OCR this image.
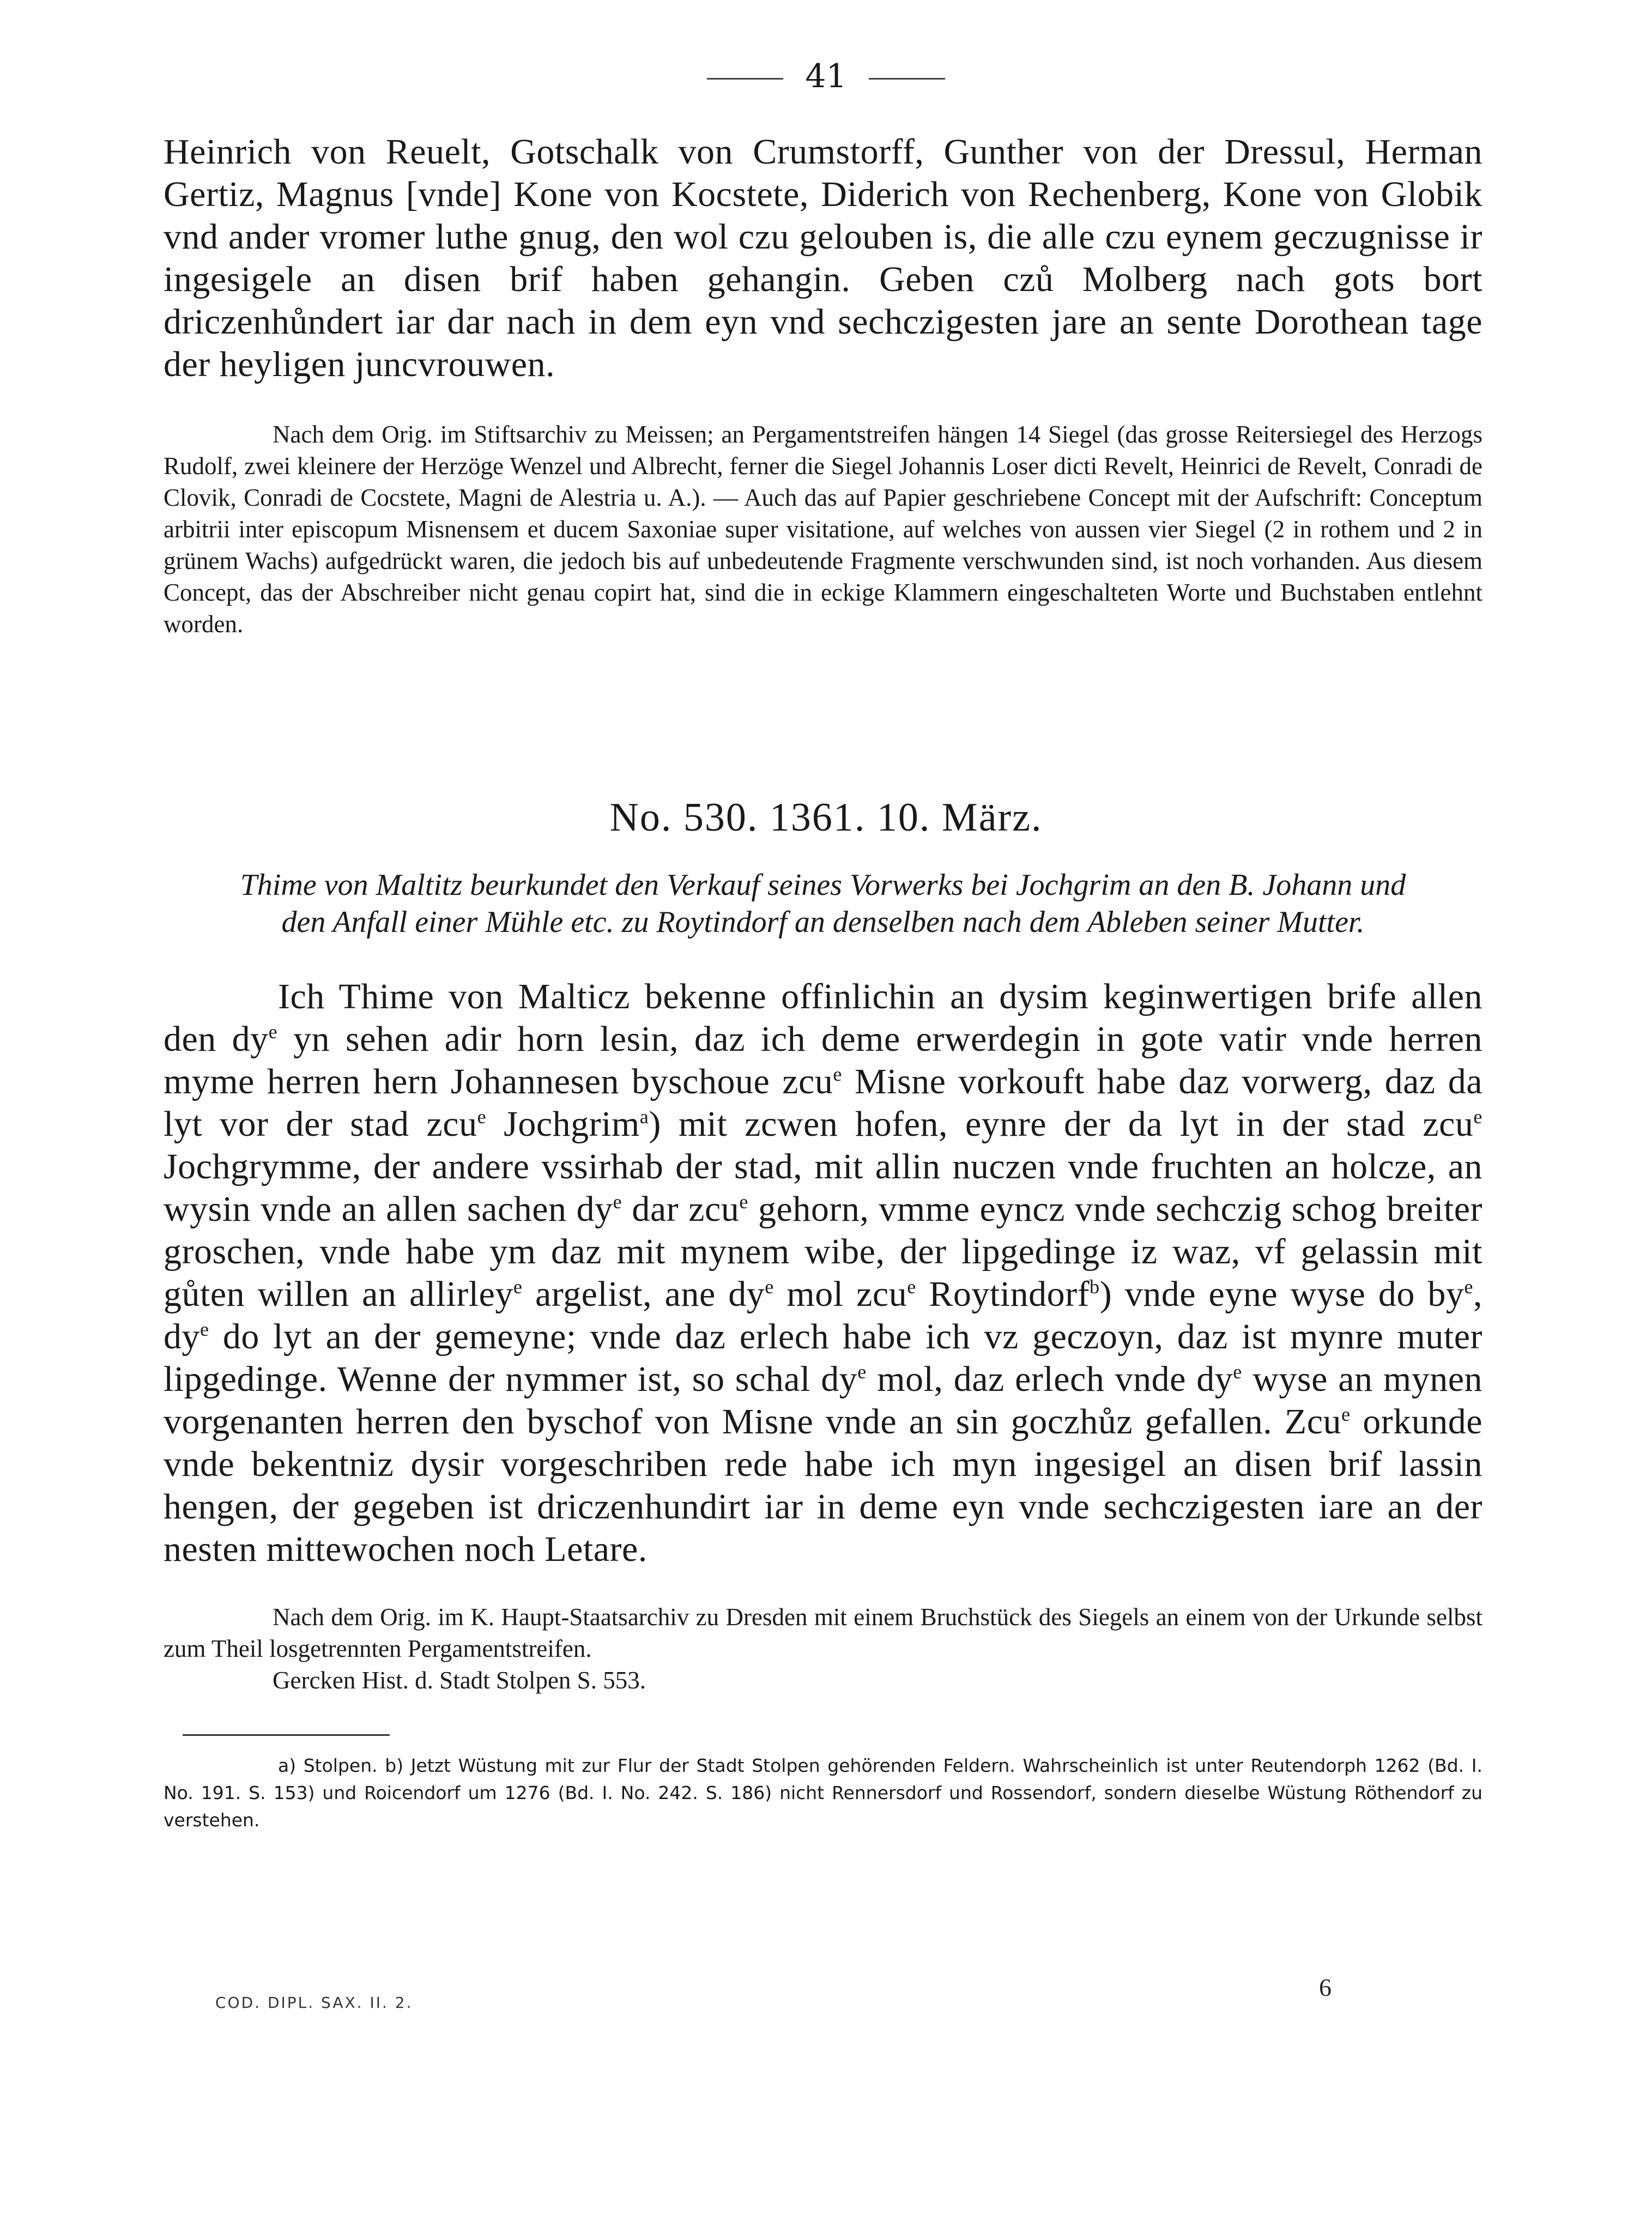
41

Heinrich von Reuelt, Gotschalk von Crumstorff, Gunther von der Dressul, Herman Gertiz, Magnus [vnde] Kone von Kocstete, Diderich von Rechenberg, Kone von Globik vnd ander vromer luthe gnug, den wol czu gelouben is, die alle czu eynem geczugnisse ir ingesigele an disen brif haben gehangin. Geben czů Molberg nach gots bort driczenhůndert iar dar nach in dem eyn vnd sechczigesten jare an sente Dorothean tage der heyligen juncvrouwen.

Nach dem Orig. im Stiftsarchiv zu Meissen; an Pergamentstreifen hängen 14 Siegel (das grosse Reitersiegel des Herzogs Rudolf, zwei kleinere der Herzöge Wenzel und Albrecht, ferner die Siegel Johannis Loser dicti Revelt, Heinrici de Revelt, Conradi de Clovik, Conradi de Cocstete, Magni de Alestria u. A.). — Auch das auf Papier geschriebene Concept mit der Aufschrift: Conceptum arbitrii inter episcopum Misnensem et ducem Saxoniae super visitatione, auf welches von aussen vier Siegel (2 in rothem und 2 in grünem Wachs) aufgedrückt waren, die jedoch bis auf unbedeutende Fragmente verschwunden sind, ist noch vorhanden. Aus diesem Concept, das der Abschreiber nicht genau copirt hat, sind die in eckige Klammern eingeschalteten Worte und Buchstaben entlehnt worden.

No. 530. 1361. 10. März.
Thime von Maltitz beurkundet den Verkauf seines Vorwerks bei Jochgrim an den B. Johann und
den Anfall einer Mühle etc. zu Roytindorf an denselben nach dem Ableben seiner Mutter.

Ich Thime von Malticz bekenne offinlichin an dysim keginwertigen brife allen den $dy^e$ yn sehen adir horn lesin, daz ich deme erwerdegin in gote vatir vnde herren myme herren hern Johannesen byschoue zcu$^e$ Misne vorkouft habe daz vorwerg, daz da lyt vor der stad zcu$^e$ Jochgrim$^a$) mit zcwen hofen, eynre der da lyt in der stad zcu$^e$ Jochgrymme, der andere vssirhab der stad, mit allin nuczen vnde fruchten an holcze, an wysin vnde an allen sachen $dy^e$ dar zcu$^e$ gehorn, vmme eyncz vnde sechczig schog breiter groschen, vnde habe ym daz mit mynem wibe, der lipgedinge iz waz, vf gelassin mit gůten willen an allirley$^e$ argelist, ane $dy^e$ mol zcu$^e$ Roytindorf$^b$) vnde eyne wyse do $by^e$, $dy^e$ do lyt an der gemeyne; vnde daz erlech habe ich vz geczoyn, daz ist mynre muter lipgedinge. Wenne der nymmer ist, so schal $dy^e$ mol, daz erlech vnde $dy^e$ wyse an mynen vorgenanten herren den byschof von Misne vnde an sin goczhůz gefallen. Zcu$^e$ orkunde vnde bekentniz dysir vorgeschriben rede habe ich myn ingesigel an disen brif lassin hengen, der gegeben ist driczenhundirt iar in deme eyn vnde sechczigesten iare an der nesten mittewochen noch Letare.

Nach dem Orig. im K. Haupt-Staatsarchiv zu Dresden mit einem Bruchstück des Siegels an einem von der Urkunde selbst zum Theil losgetrennten Pergamentstreifen.

Gercken Hist. d. Stadt Stolpen S. 553.

a) Stolpen. b) Jetzt Wüstung mit zur Flur der Stadt Stolpen gehörenden Feldern. Wahrscheinlich ist unter Reutendorph 1262 (Bd. I. No. 191. S. 153) und Roicendorf um 1276 (Bd. I. No. 242. S. 186) nicht Rennersdorf und Rossendorf, sondern dieselbe Wüstung Röthendorf zu verstehen.

COD. DIPL. SAX. II. 2.
6
